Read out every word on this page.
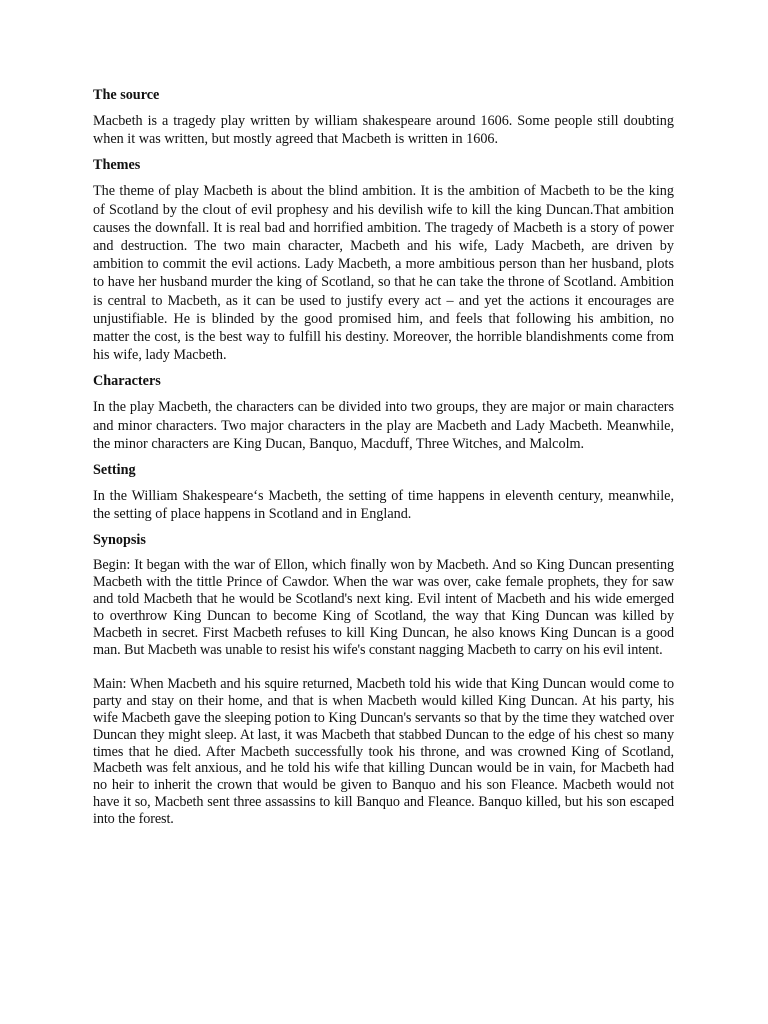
The source
Macbeth is a tragedy play written by william shakespeare around 1606. Some people still doubting when it was written, but mostly agreed that Macbeth is written in 1606.
Themes
The theme of play Macbeth is about the blind ambition. It is the ambition of Macbeth to be the king of Scotland by the clout of evil prophesy and his devilish wife to kill the king Duncan.That ambition causes the downfall. It is real bad and horrified ambition. The tragedy of Macbeth is a story of power and destruction. The two main character, Macbeth and his wife, Lady Macbeth, are driven by ambition to commit the evil actions. Lady Macbeth, a more ambitious person than her husband, plots to have her husband murder the king of Scotland, so that he can take the throne of Scotland. Ambition is central to Macbeth, as it can be used to justify every act – and yet the actions it encourages are unjustifiable. He is blinded by the good promised him, and feels that following his ambition, no matter the cost, is the best way to fulfill his destiny. Moreover, the horrible blandishments come from his wife, lady Macbeth.
Characters
In the play Macbeth, the characters can be divided into two groups, they are major or main characters and minor characters. Two major characters in the play are Macbeth and Lady Macbeth. Meanwhile, the minor characters are King Ducan, Banquo, Macduff, Three Witches, and Malcolm.
Setting
In the William Shakespeare‘s Macbeth, the setting of time happens in eleventh century, meanwhile, the setting of place happens in Scotland and in England.
Synopsis
Begin: It began with the war of Ellon, which finally won by Macbeth. And so King Duncan presenting Macbeth with the tittle Prince of Cawdor. When the war was over, cake female prophets, they for saw and told Macbeth that he would be Scotland's next king. Evil intent of Macbeth and his wide emerged to overthrow King Duncan to become King of Scotland, the way that King Duncan was killed by Macbeth in secret. First Macbeth refuses to kill King Duncan, he also knows King Duncan is a good man. But Macbeth was unable to resist his wife's constant nagging Macbeth to carry on his evil intent.
Main: When Macbeth and his squire returned, Macbeth told his wide that King Duncan would come to party and stay on their home, and that is when Macbeth would killed King Duncan. At his party, his wife Macbeth gave the sleeping potion to King Duncan's servants so that by the time they watched over Duncan they might sleep. At last, it was Macbeth that stabbed Duncan to the edge of his chest so many times that he died. After Macbeth successfully took his throne, and was crowned King of Scotland, Macbeth was felt anxious, and he told his wife that killing Duncan would be in vain, for Macbeth had no heir to inherit the crown that would be given to Banquo and his son Fleance. Macbeth would not have it so, Macbeth sent three assassins to kill Banquo and Fleance. Banquo killed, but his son escaped into the forest.
